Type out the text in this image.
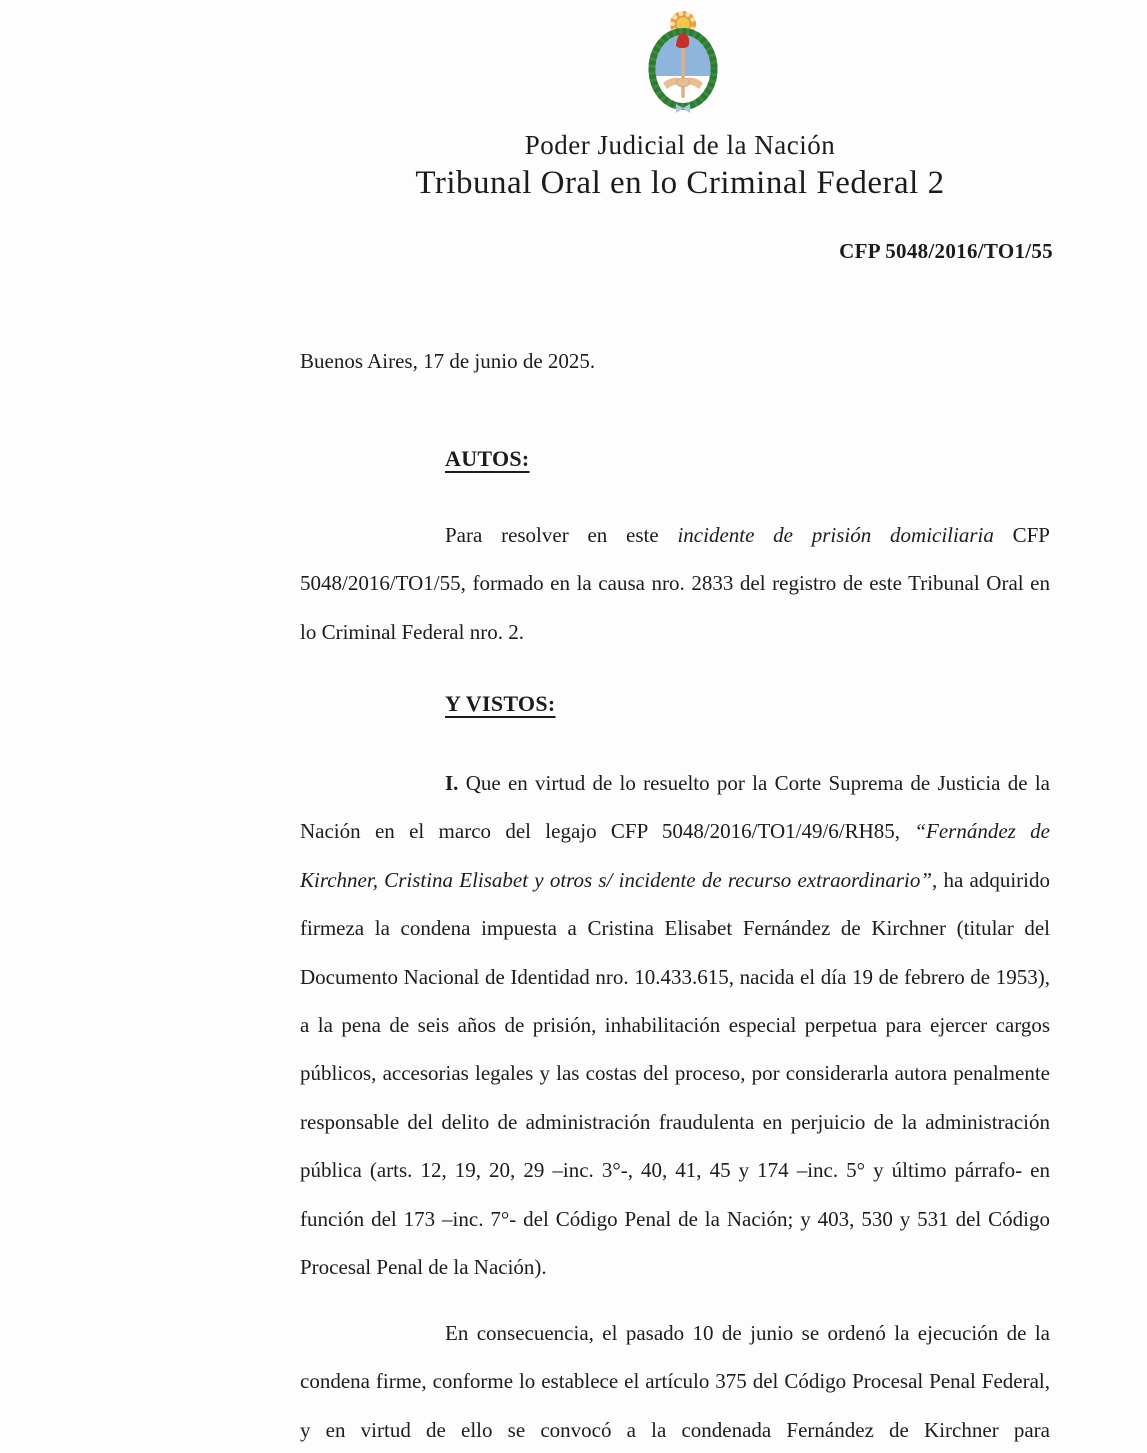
Poder Judicial de la Nación
Tribunal Oral en lo Criminal Federal 2
CFP 5048/2016/TO1/55
Buenos Aires, 17 de junio de 2025.
AUTOS:

Para resolver en este incidente de prisión domiciliaria CFP 5048/2016/TO1/55, formado en la causa nro. 2833 del registro de este Tribunal Oral en lo Criminal Federal nro. 2.

Y VISTOS:

I. Que en virtud de lo resuelto por la Corte Suprema de Justicia de la Nación en el marco del legajo CFP 5048/2016/TO1/49/6/RH85, “Fernández de Kirchner, Cristina Elisabet y otros s/ incidente de recurso extraordinario”, ha adquirido firmeza la condena impuesta a Cristina Elisabet Fernández de Kirchner (titular del Documento Nacional de Identidad nro. 10.433.615, nacida el día 19 de febrero de 1953), a la pena de seis años de prisión, inhabilitación especial perpetua para ejercer cargos públicos, accesorias legales y las costas del proceso, por considerarla autora penalmente responsable del delito de administración fraudulenta en perjuicio de la administración pública (arts. 12, 19, 20, 29 –inc. 3°-, 40, 41, 45 y 174 –inc. 5° y último párrafo- en función del 173 –inc. 7°- del Código Penal de la Nación; y 403, 530 y 531 del Código Procesal Penal de la Nación).

En consecuencia, el pasado 10 de junio se ordenó la ejecución de la condena firme, conforme lo establece el artículo 375 del Código Procesal Penal Federal, y en virtud de ello se convocó a la condenada Fernández de Kirchner para
